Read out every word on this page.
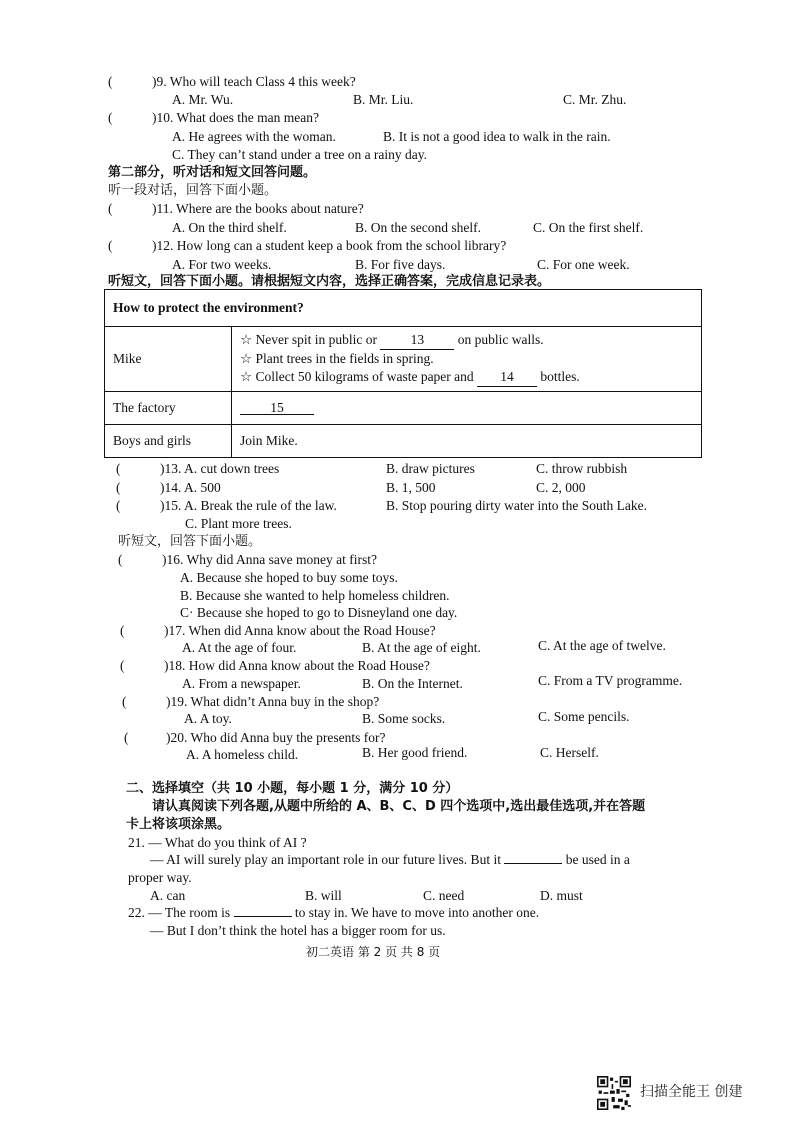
(	)9. Who will teach Class 4 this week?
A. Mr. Wu.	B. Mr. Liu.	C. Mr. Zhu.
(	)10. What does the man mean?
A. He agrees with the woman.	B. It is not a good idea to walk in the rain.
C. They can’t stand under a tree on a rainy day.
第二部分，听对话和短文回答问题。
听一段对话，回答下面小题。
(	)11. Where are the books about nature?
A. On the third shelf.	B. On the second shelf.	C. On the first shelf.
(	)12. How long can a student keep a book from the school library?
A. For two weeks.	B. For five days.	C. For one week.
听短文，回答下面小题。请根据短文内容，选择正确答案，完成信息记录表。
How to protect the environment?	
Mike	☆ Never spit in public or 13 on public walls.
☆ Plant trees in the fields in spring.
☆ Collect 50 kilograms of waste paper and 14 bottles.

The factory	15
Boys and girls	Join Mike.
(	)13. A. cut down trees	B. draw pictures	C. throw rubbish
(	)14. A. 500	B. 1, 500	C. 2, 000
(	)15. A. Break the rule of the law.	B. Stop pouring dirty water into the South Lake.
C. Plant more trees.
听短文，回答下面小题。
(	)16. Why did Anna save money at first?
A. Because she hoped to buy some toys.
B. Because she wanted to help homeless children.
C· Because she hoped to go to Disneyland one day.
(	)17. When did Anna know about the Road House?
A. At the age of four.	B. At the age of eight.	C. At the age of twelve.
(	)18. How did Anna know about the Road House?
A. From a newspaper.	B. On the Internet.	C. From a TV programme.
(	)19. What didn’t Anna buy in the shop?
A. A toy.	B. Some socks.	C. Some pencils.
(	)20. Who did Anna buy the presents for?
A. A homeless child.	B. Her good friend.	C. Herself.
二、选择填空（共 10 小题，每小题 1 分，满分 10 分）
请认真阅读下列各题,从题中所给的 A、B、C、D 四个选项中,选出最佳选项,并在答题
卡上将该项涂黑。
21. — What do you think of AI ?
— AI will surely play an important role in our future lives. But it	be used in a
proper way.
A. can	B. will	C. need	D. must
22. — The room is	to stay in. We have to move into another one.
— But I don’t think the hotel has a bigger room for us.
初二英语 第 2 页 共 8 页
扫描全能王 创建
